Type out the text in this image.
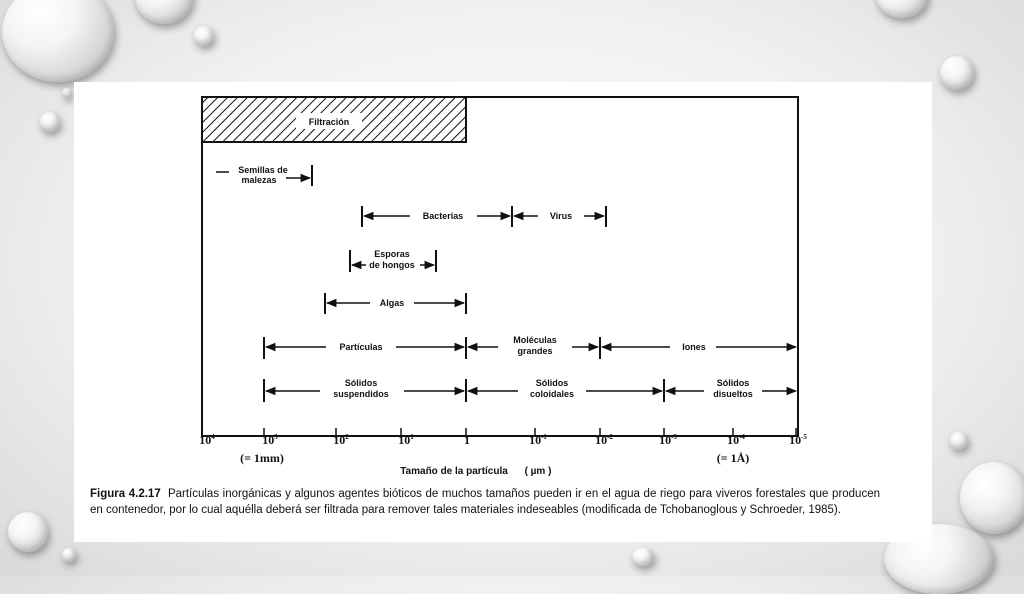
Filtración
Semillas de
malezas
Bacterias	Virus
Esporas
de hongos
Algas
Partículas
Moléculas
grandes	Iones
Sólidos
suspendidos
Sólidos
coloidales
Sólidos
disueltos
$10^4$	$10^3$	$10^2$	$10^1$	1	$10^{-1}$	$10^{-2}$	$10^{-3}$	$10^{-4}$	$10^{-5}$
(= 1mm)	(= 1Å)
Tamaño de la partícula ( µm )
Figura 4.2.17 Partículas inorgánicas y algunos agentes bióticos de muchos tamaños pueden ir en el agua de riego para viveros forestales que producen en contenedor, por lo cual aquélla deberá ser filtrada para remover tales materiales indeseables (modificada de Tchobanoglous y Schroeder, 1985).
